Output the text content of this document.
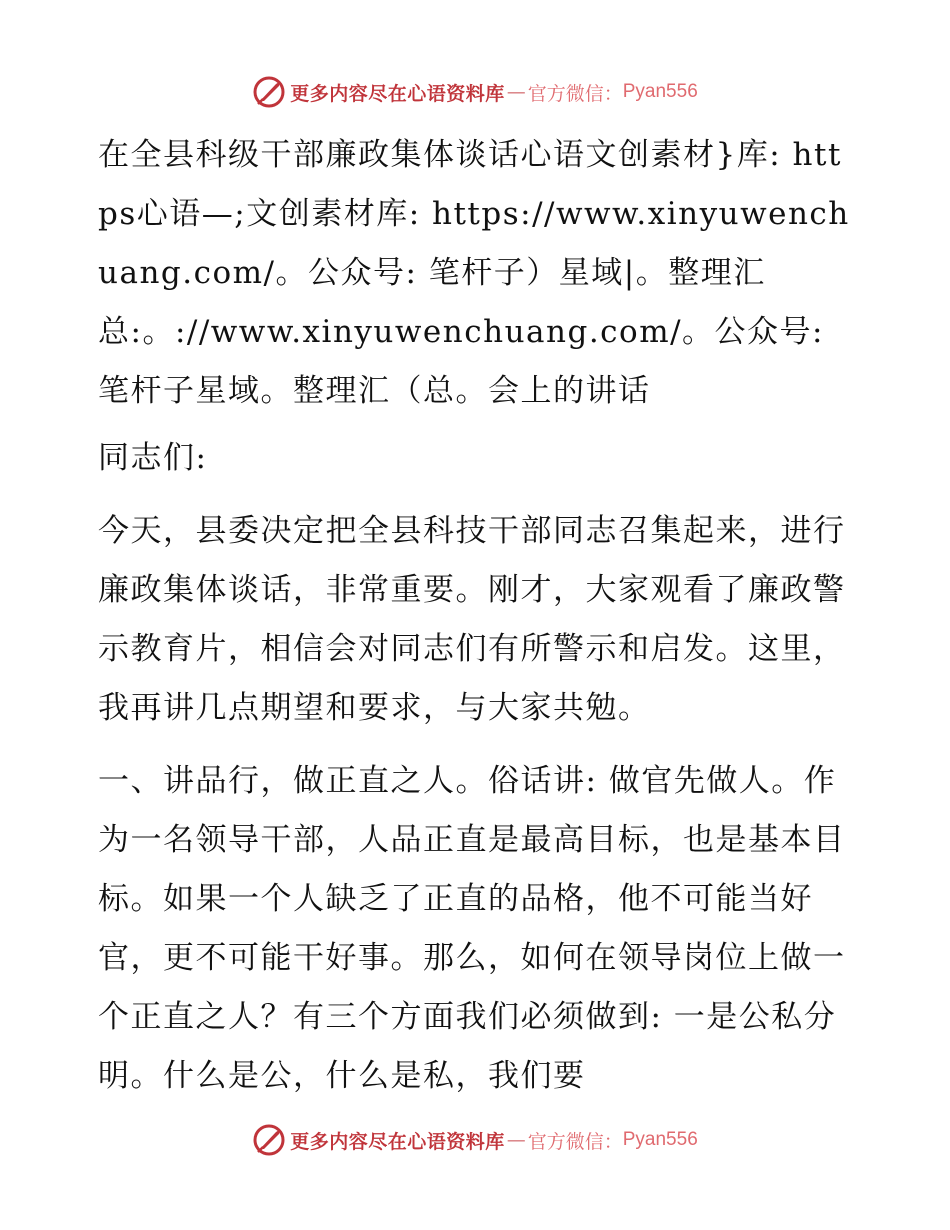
更多内容尽在心语资料库 — 官方微信： Pyan556

在全县科级干部廉政集体谈话心语文创素材}库: https心语—;文创素材库: https://www.xinyuwenchuang.com/。公众号: 笔杆子）星域|。整理汇总:。://www.xinyuwenchuang.com/。公众号: 笔杆子星域。整理汇（总。会上的讲话

同志们:

今天，县委决定把全县科技干部同志召集起来，进行廉政集体谈话，非常重要。刚才，大家观看了廉政警示教育片，相信会对同志们有所警示和启发。这里，我再讲几点期望和要求，与大家共勉。

一、讲品行，做正直之人。俗话讲: 做官先做人。作为一名领导干部，人品正直是最高目标，也是基本目标。如果一个人缺乏了正直的品格，他不可能当好官，更不可能干好事。那么，如何在领导岗位上做一个正直之人？有三个方面我们必须做到: 一是公私分明。什么是公，什么是私，我们要

更多内容尽在心语资料库 — 官方微信： Pyan556
